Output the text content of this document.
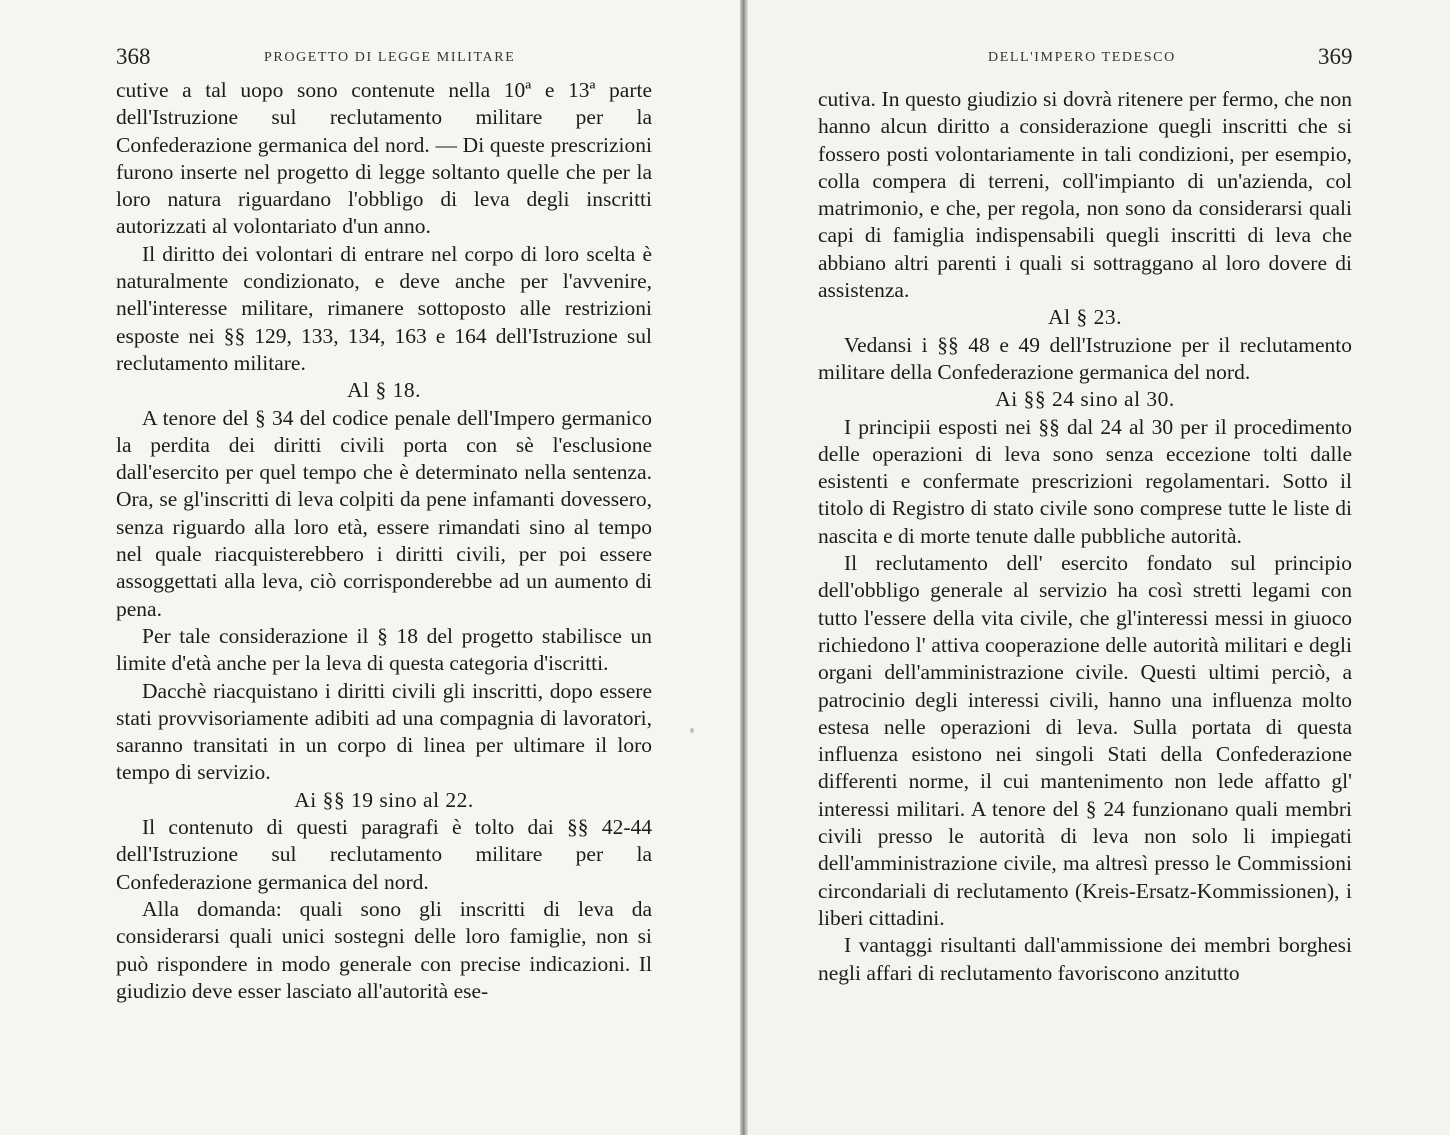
368	PROGETTO DI LEGGE MILITARE

cutive a tal uopo sono contenute nella 10ª e 13ª parte dell'Istruzione sul reclutamento militare per la Confederazione germanica del nord. — Di queste prescrizioni furono inserte nel progetto di legge soltanto quelle che per la loro natura riguardano l'obbligo di leva degli inscritti autorizzati al volontariato d'un anno.

Il diritto dei volontari di entrare nel corpo di loro scelta è naturalmente condizionato, e deve anche per l'avvenire, nell'interesse militare, rimanere sottoposto alle restrizioni esposte nei §§ 129, 133, 134, 163 e 164 dell'Istruzione sul reclutamento militare.

Al § 18.

A tenore del § 34 del codice penale dell'Impero germanico la perdita dei diritti civili porta con sè l'esclusione dall'esercito per quel tempo che è determinato nella sentenza. Ora, se gl'inscritti di leva colpiti da pene infamanti dovessero, senza riguardo alla loro età, essere rimandati sino al tempo nel quale riacquisterebbero i diritti civili, per poi essere assoggettati alla leva, ciò corrisponderebbe ad un aumento di pena.

Per tale considerazione il § 18 del progetto stabilisce un limite d'età anche per la leva di questa categoria d'iscritti.

Dacchè riacquistano i diritti civili gli inscritti, dopo essere stati provvisoriamente adibiti ad una compagnia di lavoratori, saranno transitati in un corpo di linea per ultimare il loro tempo di servizio.

Ai §§ 19 sino al 22.

Il contenuto di questi paragrafi è tolto dai §§ 42-44 dell'Istruzione sul reclutamento militare per la Confederazione germanica del nord.

Alla domanda: quali sono gli inscritti di leva da considerarsi quali unici sostegni delle loro famiglie, non si può rispondere in modo generale con precise indicazioni. Il giudizio deve esser lasciato all'autorità ese-

DELL'IMPERO TEDESCO	369

cutiva. In questo giudizio si dovrà ritenere per fermo, che non hanno alcun diritto a considerazione quegli inscritti che si fossero posti volontariamente in tali condizioni, per esempio, colla compera di terreni, coll'impianto di un'azienda, col matrimonio, e che, per regola, non sono da considerarsi quali capi di famiglia indispensabili quegli inscritti di leva che abbiano altri parenti i quali si sottraggano al loro dovere di assistenza.

Al § 23.

Vedansi i §§ 48 e 49 dell'Istruzione per il reclutamento militare della Confederazione germanica del nord.

Ai §§ 24 sino al 30.

I principii esposti nei §§ dal 24 al 30 per il procedimento delle operazioni di leva sono senza eccezione tolti dalle esistenti e confermate prescrizioni regolamentari. Sotto il titolo di Registro di stato civile sono comprese tutte le liste di nascita e di morte tenute dalle pubbliche autorità.

Il reclutamento dell' esercito fondato sul principio dell'obbligo generale al servizio ha così stretti legami con tutto l'essere della vita civile, che gl'interessi messi in giuoco richiedono l' attiva cooperazione delle autorità militari e degli organi dell'amministrazione civile. Questi ultimi perciò, a patrocinio degli interessi civili, hanno una influenza molto estesa nelle operazioni di leva. Sulla portata di questa influenza esistono nei singoli Stati della Confederazione differenti norme, il cui mantenimento non lede affatto gl' interessi militari. A tenore del § 24 funzionano quali membri civili presso le autorità di leva non solo li impiegati dell'amministrazione civile, ma altresì presso le Commissioni circondariali di reclutamento (Kreis-Ersatz-Kommissionen), i liberi cittadini.

I vantaggi risultanti dall'ammissione dei membri borghesi negli affari di reclutamento favoriscono anzitutto
